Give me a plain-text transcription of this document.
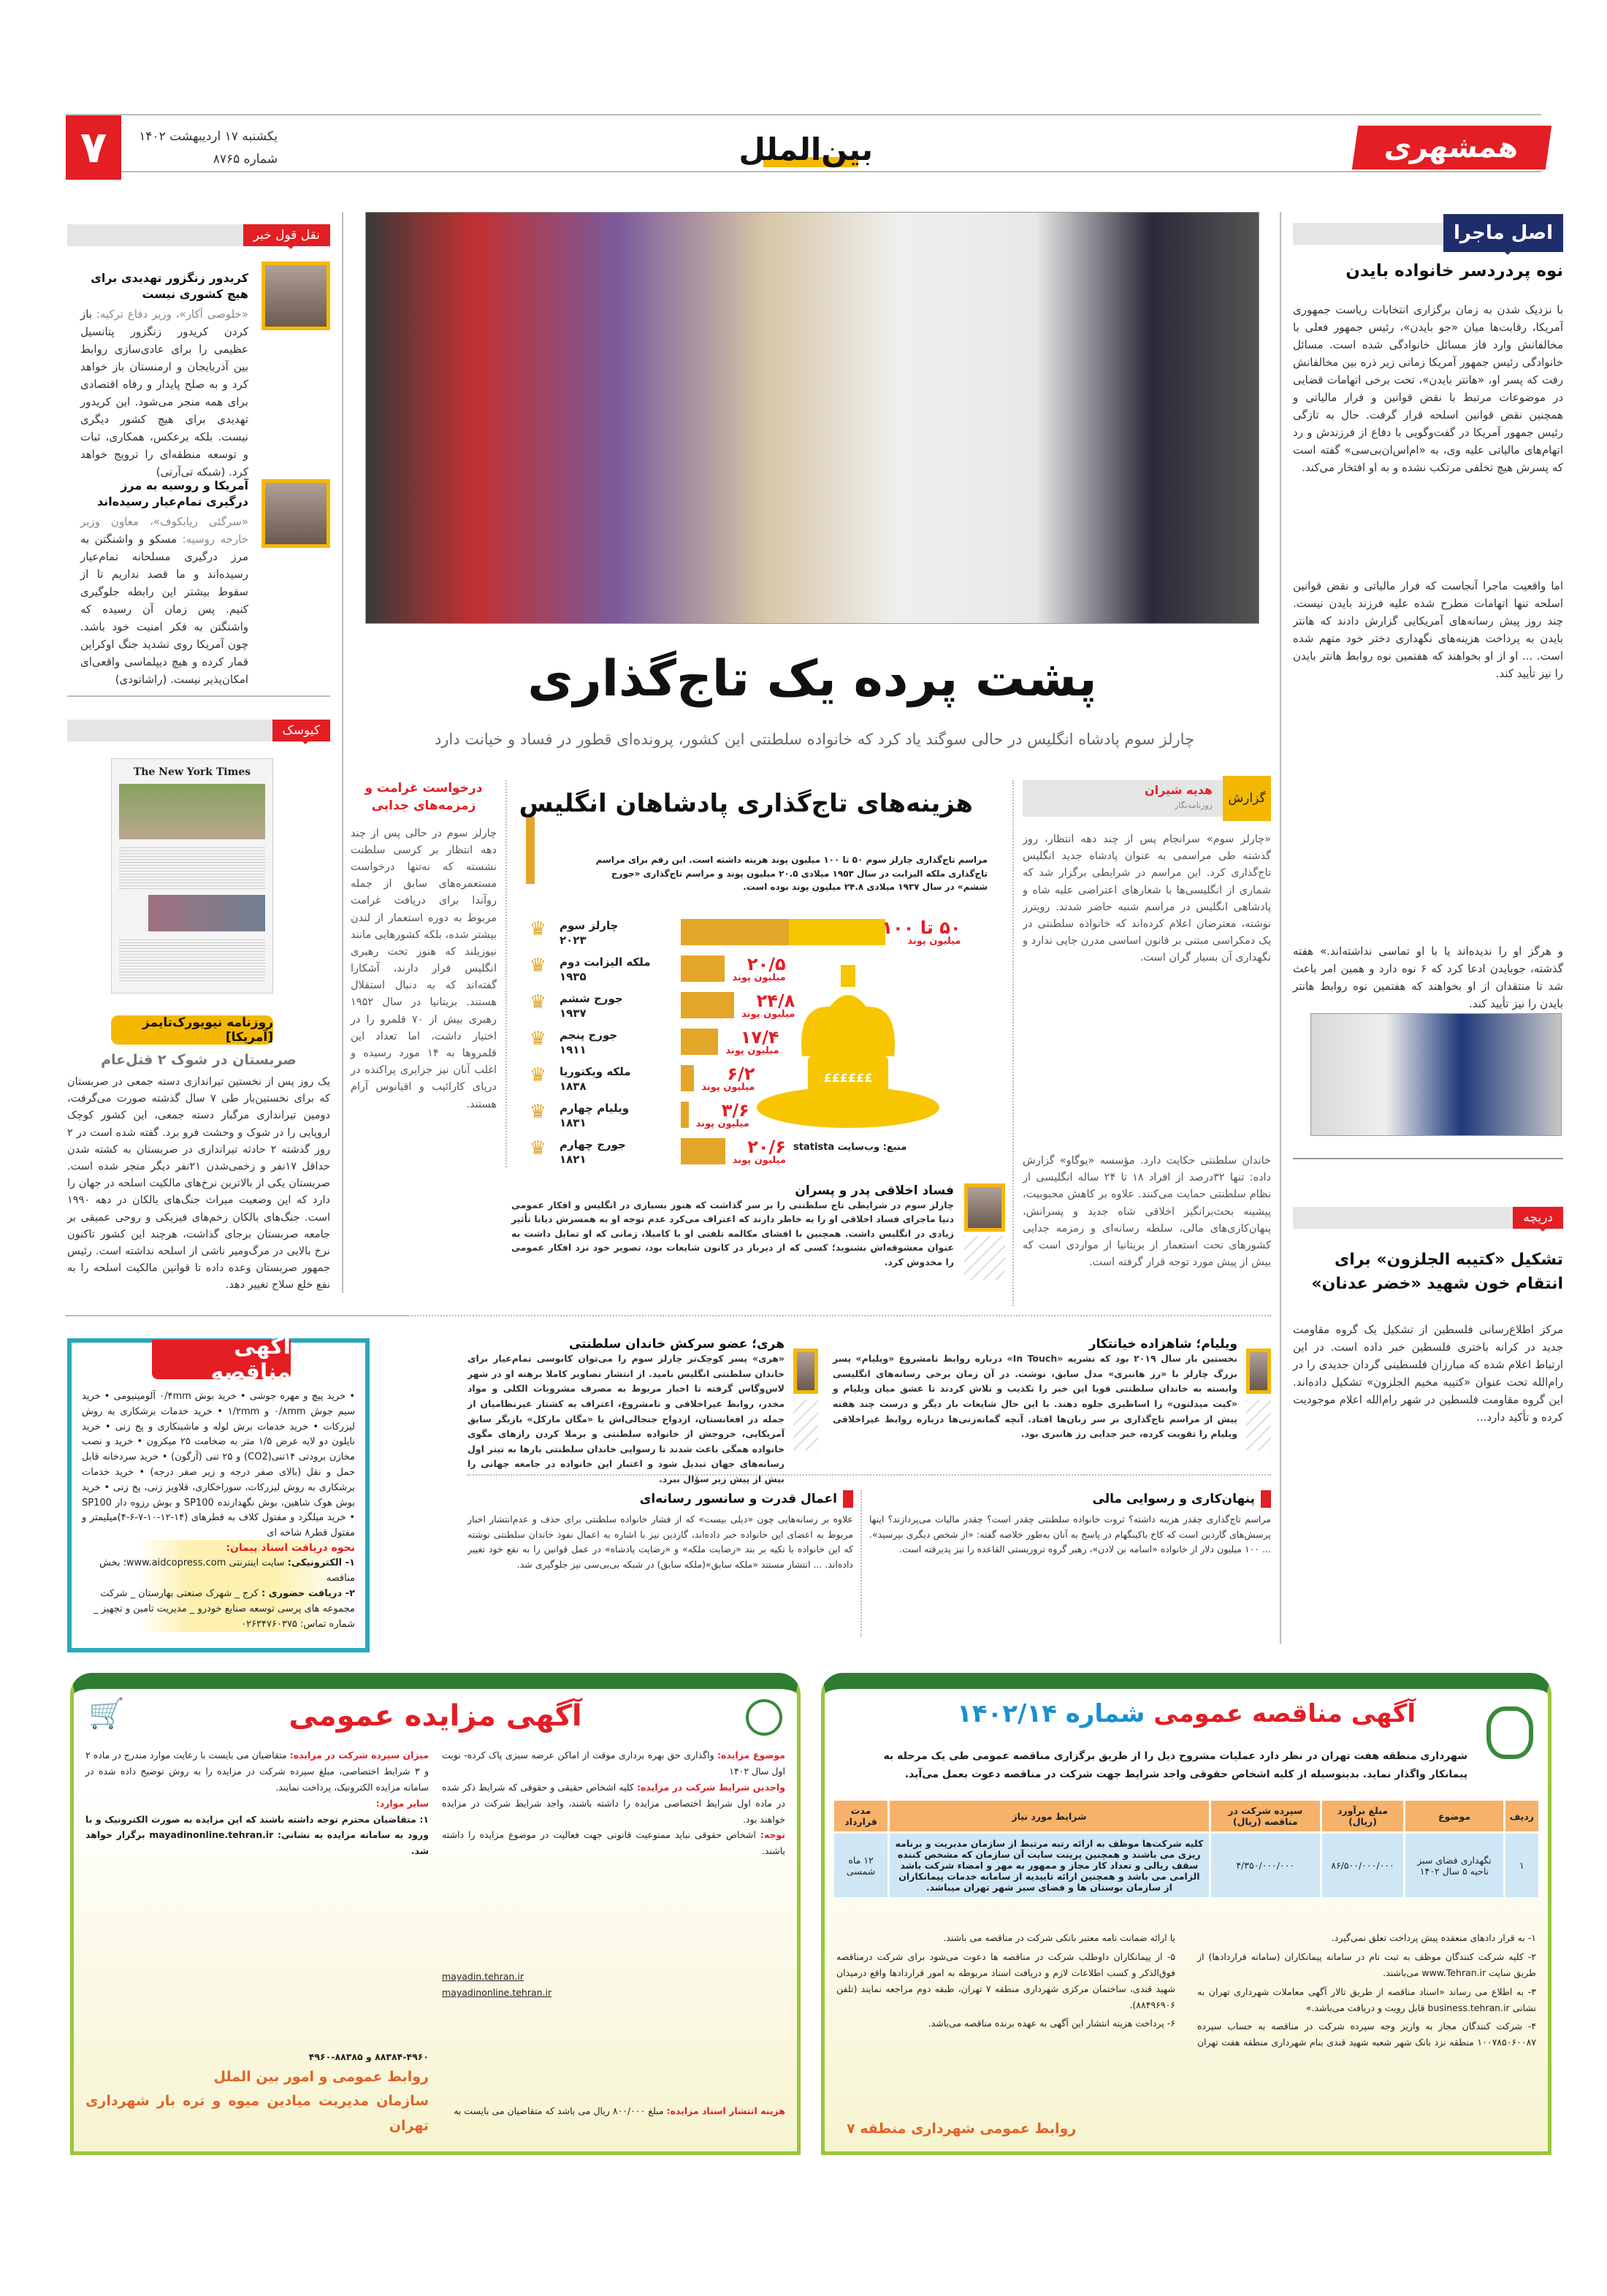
همشهری
بین‌الملل
یکشنبه ۱۷ اردیبهشت ۱۴۰۲
شماره ۸۷۶۵
۷
اصل ماجرا
نوه پردردسر خانواده بایدن

با نزدیک شدن به زمان برگزاری انتخابات ریاست جمهوری آمریکا، رقابت‌ها میان «جو بایدن»، رئیس جمهور فعلی با مخالفانش وارد فاز مسائل خانوادگی شده است. مسائل خانوادگی رئیس جمهور آمریکا زمانی زیر ذره بین مخالفانش رفت که پسر او، «هانتر بایدن»، تحت برخی اتهامات قضایی در موضوعات مرتبط با نقض قوانین و فرار مالیاتی و همچنین نقض قوانین اسلحه قرار گرفت. حال به تازگی رئیس جمهور آمریکا در گفت‌وگویی با دفاع از فرزندش و رد اتهام‌های مالیاتی علیه وی، به «ام‌اس‌ان‌بی‌سی» گفته است که پسرش هیچ تخلفی مرتکب نشده و به او افتخار می‌کند.

اما واقعیت ماجرا آنجاست که فرار مالیاتی و نقض قوانین اسلحه تنها اتهامات مطرح شده علیه فرزند بایدن نیست. چند روز پیش رسانه‌های آمریکایی گزارش دادند که هانتر بایدن به پرداخت هزینه‌های نگهداری دختر خود متهم شده است. ... او از او بخواهند که هفتمین نوه روابط هانتر بایدن را نیز تأیید کند.

و هرگز او را ندیده‌اند یا با او تماسی نداشته‌اند.» هفته گذشته، جوبایدن ادعا کرد که ۶ نوه دارد و همین امر باعث شد تا منتقدان از او بخواهند که هفتمین نوه روابط هانتر بایدن را نیز تأیید کند.

دریچه
تشکیل «کتیبه الجلزون» برای انتقام خون شهید «خضر عدنان»

مرکز اطلاع‌رسانی فلسطین از تشکیل یک گروه مقاومت جدید در کرانه باختری فلسطین خبر داده است. در این ارتباط اعلام شده که مبارزان فلسطینی گردان جدیدی را در رام‌الله تحت عنوان «کتیبه مخیم الجلزون» تشکیل داده‌اند. این گروه مقاومت فلسطین در شهر رام‌الله اعلام موجودیت کرده و تأکید دارد...

نقل قول خبر
کریدور زنگزور تهدیدی برای هیچ کشوری نیست

«خلوصی آکار»، وزیر دفاع ترکیه: باز کردن کریدور زنگزور پتانسیل عظیمی را برای عادی‌سازی روابط بین آذربایجان و ارمنستان باز خواهد کرد و به صلح پایدار و رفاه اقتصادی برای همه منجر می‌شود. این کریدور تهدیدی برای هیچ کشور دیگری نیست. بلکه برعکس، همکاری، ثبات و توسعه منطقه‌ای را ترویج خواهد کرد. (شبکه تی‌آرتی)

آمریکا و روسیه به مرز درگیری تمام‌عیار رسیده‌اند

«سرگئی ریابکوف»، معاون وزیر خارجه روسیه: مسکو و واشنگتن به مرز درگیری مسلحانه تمام‌عیار رسیده‌اند و ما قصد نداریم تا از سقوط بیشتر این رابطه جلوگیری کنیم. پس زمان آن رسیده که واشنگتن به فکر امنیت خود باشد. چون آمریکا روی تشدید جنگ اوکراین قمار کرده و هیچ دیپلماسی واقعی‌ای امکان‌پذیر نیست. (راشاتودی)

کیوسک
The New York Times
روزنامه نیویورک‌تایمز [آمریکا]
صربستان در شوک ۲ قتل‌عام

یک روز پس از نخستین تیراندازی دسته جمعی در صربستان که برای نخستین‌بار طی ۷ سال گذشته صورت می‌گرفت، دومین تیراندازی مرگبار دسته جمعی، این کشور کوچک اروپایی را در شوک و وحشت فرو برد. گفته شده است در ۲ روز گذشته ۲ حادثه تیراندازی در صربستان به کشته شدن حداقل ۱۷نفر و زخمی‌شدن ۲۱نفر دیگر منجر شده است. صربستان یکی از بالاترین نرخ‌های مالکیت اسلحه در جهان را دارد که این وضعیت میراث جنگ‌های بالکان در دهه ۱۹۹۰ است. جنگ‌های بالکان زخم‌های فیزیکی و روحی عمیقی بر جامعه صربستان برجای گذاشت، هرچند این کشور تاکنون نرخ بالایی در مرگ‌ومیر ناشی از اسلحه نداشته است. رئیس جمهور صربستان وعده داده تا قوانین مالکیت اسلحه را به نفع خلع سلاح تغییر دهد.

پشت پرده یک تاج‌گذاری
چارلز سوم پادشاه انگلیس در حالی سوگند یاد کرد که خانواده سلطنتی این کشور، پرونده‌ای قطور در فساد و خیانت دارد
درخواست غرامت و زمزمه‌های جدایی

چارلز سوم در حالی پس از چند دهه انتظار بر کرسی سلطنت نشسته که نه‌تنها درخواست مستعمره‌های سابق از جمله روآندا برای دریافت غرامت مربوط به دوره استعمار از لندن بیشتر شده، بلکه کشورهایی مانند نیوزیلند که هنوز تحت رهبری انگلیس قرار دارند، آشکارا گفته‌اند که به دنبال استقلال هستند. بریتانیا در سال ۱۹۵۲ رهبری بیش از ۷۰ قلمرو را در اختیار داشت، اما تعداد این قلمروها به ۱۴ مورد رسیده و اغلب آنان نیز جزایری پراکنده در دریای کارائیب و اقیانوس آرام هستند.

هزینه‌های تاج‌گذاری پادشاهان انگلیس
مراسم تاج‌گذاری چارلز سوم ۵۰ تا ۱۰۰ میلیون پوند هزینه داشته است. این رقم برای مراسم تاج‌گذاری ملکه الیزابت در سال ۱۹۵۳ میلادی ۲۰.۵ میلیون پوند و مراسم تاج‌گذاری «جورج ششم» در سال ۱۹۳۷ میلادی ۲۴.۸ میلیون پوند بوده است.
♛ چارلز سوم
۲۰۲۳
۵۰ تا ۱۰۰
میلیون پوند
♛ ملکه الیزابت دوم
۱۹۳۵
۲۰/۵
میلیون پوند
♛ جورج ششم
۱۹۳۷
۲۴/۸
میلیون پوند
♛ جورج پنجم
۱۹۱۱
۱۷/۴
میلیون پوند
♛ ملکه ویکتوریا
۱۸۳۸
۶/۲
میلیون پوند
♛ ویلیام چهارم
۱۸۳۱
۳/۶
میلیون پوند
♛ جورج چهارم
۱۸۲۱
۲۰/۶
میلیون پوند
££££££
منبع: وب‌سایت statista
گزارش
هدیه شیران
روزنامه‌نگار

«چارلز سوم» سرانجام پس از چند دهه انتظار، روز گذشته طی مراسمی به عنوان پادشاه جدید انگلیس تاج‌گذاری کرد. این مراسم در شرایطی برگزار شد که شماری از انگلیسی‌ها با شعارهای اعتراضی علیه شاه و پادشاهی انگلیس در مراسم شنبه حاضر شدند. رویترز نوشته، معترضان اعلام کرده‌اند که خانواده سلطنتی در یک دمکراسی مبتنی بر قانون اساسی مدرن جایی ندارد و نگهداری آن بسیار گران است.

خاندان سلطنتی حکایت دارد. مؤسسه «یوگاو» گزارش داده: تنها ۳۲درصد از افراد ۱۸ تا ۲۴ ساله انگلیسی از نظام سلطنتی حمایت می‌کنند. علاوه بر کاهش محبوبیت، پیشینه بحث‌برانگیز اخلاقی شاه جدید و پسرانش، پنهان‌کاری‌های مالی، سلطه رسانه‌ای و زمزمه جدایی کشورهای تحت استعمار از بریتانیا از مواردی است که بیش از پیش مورد توجه قرار گرفته است.

فساد اخلاقی پدر و پسران

چارلز سوم در شرایطی تاج سلطنتی را بر سر گذاشت که هنوز بسیاری در انگلیس و افکار عمومی دنیا ماجرای فساد اخلاقی او را به خاطر دارند که اعتراف می‌کرد عدم توجه او به همسرش دیانا تأثیر زیادی در انگلیس داشت. همچنین با افشای مکالمه تلفنی او با کامیلا، زمانی که او تمایل داشت به عنوان معشوقه‌اش بشنوید؛ کسی که از دیرباز در کانون شایعات بود، تصویر خود نزد افکار عمومی را مخدوش کرد.

ویلیام؛ شاهزاده خیانتکار

نخستین بار سال ۲۰۱۹ بود که نشریه «In Touch» درباره روابط نامشروع «ویلیام» پسر بزرگ چارلز با «رز هانبری» مدل سابق، نوشت. در آن زمان برخی رسانه‌های انگلیسی وابسته به خاندان سلطنتی قویا این خبر را تکذیب و تلاش کردند تا عشق میان ویلیام و «کیت میدلتون» را اساطیری جلوه دهند. با این حال شایعات بار دیگر و درست چند هفته پیش از مراسم تاج‌گذاری بر سر زبان‌ها افتاد. آنچه گمانه‌زنی‌ها درباره روابط غیراخلاقی ویلیام را تقویت کرده، خبر جدایی رز هانبری بود.

هری؛ عضو سرکش خاندان سلطنتی

«هری» پسر کوچک‌تر چارلز سوم را می‌توان کابوسی تمام‌عیار برای خاندان سلطنتی انگلیس نامید. از انتشار تصاویر کاملا برهنه او در شهر لاس‌وگاس گرفته تا اخبار مربوط به مصرف مشروبات الکلی و مواد مخدر، روابط غیراخلاقی و نامشروع، اعتراف به کشتار غیرنظامیان از جمله در افغانستان، ازدواج جنجالی‌اش با «مگان مارکل» بازیگر سابق آمریکایی، خروجش از خانواده سلطنتی و برملا کردن رازهای مگوی خانواده همگی باعث شدند تا رسوایی خاندان سلطنتی بارها به تیتر اول رسانه‌های جهان تبدیل شود و اعتبار این خانواده در جامعه جهانی را بیش از پیش زیر سؤال ببرد.

پنهان‌کاری و رسوایی مالی

مراسم تاج‌گذاری چقدر هزینه داشته؟ ثروت خانواده سلطنتی چقدر است؟ چقدر مالیات می‌پردازند؟ اینها پرسش‌های گاردین است که کاخ باکینگهام در پاسخ به آنان به‌طور خلاصه گفته: «از شخص دیگری بپرسید». ... ۱۰۰ میلیون دلار از خانواده «اسامه بن لادن»، رهبر گروه تروریستی القاعده را نیز پذیرفته است.

اعمال قدرت و سانسور رسانه‌ای

علاوه بر رسانه‌هایی چون «دیلی بیست» که از فشار خانواده سلطنتی برای حذف و عدم‌انتشار اخبار مربوط به اعضای این خانواده خبر داده‌اند، گاردین نیز با اشاره به اعمال نفوذ خاندان سلطنتی نوشته که این خانواده با تکیه بر بند «رضایت ملکه» و «رضایت پادشاه» در عمل قوانین را به نفع خود تغییر داده‌اند. ... انتشار مستند «ملکه سابق»(ملکه سابق) در شبکه بی‌بی‌سی نیز جلوگیری شد.

آگهی مناقصه

• خرید پیچ و مهره جوشی • خرید بوش ۰/۴mm آلومینیومی • خرید سیم جوش ۰/۸mm و ۱/۲mm • خرید خدمات برشکاری به روش لیزرکات • خرید خدمات برش لوله و ماشینکاری و پخ زنی • خرید نایلون دو لایه عرض ۱/۵ متر به ضخامت ۲۵ میکرون • خرید و نصب مخازن برودتی ۱۴تنی(CO2) و ۲۵ تنی (آرگون) • خرید سردخانه قابل حمل و نقل (بالای صفر درجه و زیر صفر درجه) • خرید خدمات برشکاری به روش لیزرکات، سوراخکاری، قلاویز زنی، پخ زنی • خرید بوش هوک شاهین، بوش نگهدارنده SP100 و بوش رزوه دار SP100 • خرید میلگرد و مفتول کلاف به قطرهای (۱۴-۱۲-۱۰-۷-۶-۴)میلیمتر و مفتول قطر۸ شاخه ای

نحوه دریافت اسناد پیمان:
۱- الکترونیکی: سایت اینترنتی www.aidcopress.com؛ بخش مناقصه
۲- دریافت حضوری : کرج _ شهرک صنعتی بهارستان _ شرکت مجموعه های پرسی توسعه صنایع خودرو _ مدیریت تامین و تجهیز _ شماره تماس: ۰۲۶۳۴۷۶۰۳۷۵
🛒	آگهی مزایده عمومی
موضوع مزایده: واگذاری حق بهره برداری موقت از اماکن عرضه سبزی پاک کرده- نوبت اول سال ۱۴۰۲
واجدین شرایط شرکت در مزایده: کلیه اشخاص حقیقی و حقوقی که شرایط ذکر شده در ماده اول شرایط اختصاصی مزایده را داشته باشند، واجد شرایط شرکت در مزایده خواهند بود.
توجه: اشخاص حقوقی نباید ممنوعیت قانونی جهت فعالیت در موضوع مزایده را داشته باشند.
mayadin.tehran.ir
mayadinonline.tehran.ir
هزینه انتشار اسناد مزایده: مبلغ ۸۰۰/۰۰۰ ریال می باشد که متقاضیان می بایست به
میزان سپرده شرکت در مزایده: متقاضیان می بایست با رعایت موارد مندرج در ماده ۲ و ۳ شرایط اختصاصی، مبلغ سپرده شرکت در مزایده را به روش توضیح داده شده در سامانه مزایده الکترونیک، پرداخت نمایند.
سایر موارد:
۱: متقاضیان محترم توجه داشته باشند که این مزایده به صورت الکترونیک و با ورود به سامانه مزایده به نشانی: mayadinonline.tehran.ir برگزار خواهد شد.
۸۸۳۸۴-۴۹۶۰ و ۸۸۳۸۵-۴۹۶۰
روابط عمومی و امور بین الملل
سازمان مدیریت میادین میوه و تره بار شهرداری تهران
آگهی مناقصه عمومی شماره ۱۴۰۲/۱۴

شهرداری منطقه هفت تهران در نظر دارد عملیات مشروح ذیل را از طریق برگزاری مناقصه عمومی طی یک مرحله به پیمانکار واگذار نماید. بدینوسیله از کلیه اشخاص حقوقی واجد شرایط جهت شرکت در مناقصه دعوت بعمل می‌آید.

ردیف	موضوع	مبلغ برآورد (ریال)	سپرده شرکت در مناقصه (ریال)	شرایط مورد نیاز	مدت قرارداد
۱	نگهداری فضای سبز ناحیه ۵ سال ۱۴۰۲	۸۶/۵۰۰/۰۰۰/۰۰۰	۴/۳۵۰/۰۰۰/۰۰۰	کلیه شرکت‌ها موظف به ارائه رتبه مرتبط از سازمان مدیریت و برنامه ریزی می باشند و همچنین پرینت سایت آن سازمان که مشخص کننده سقف ریالی و تعداد کار مجاز و ممهور به مهر و امضاء شرکت باشد الزامی می باشد و همچنین ارائه تاییدیه از سامانه خدمات پیمانکاران از سازمان بوستان ها و فضای سبز شهر تهران میباشد.	۱۲ ماه شمسی
۱- به قرار دادهای منعقده پیش پرداخت تعلق نمی‌گیرد.
۲- کلیه شرکت کنندگان موظف به ثبت نام در سامانه پیمانکاران (سامانه قراردادها) از طریق سایت www.Tehran.ir می‌باشند.
۳- به اطلاع می رساند «اسناد مناقصه از طریق تالار آگهی معاملات شهرداری تهران به نشانی business.tehran.ir قابل رویت و دریافت می‌باشد.»
۴- شرکت کنندگان مجاز به واریز وجه سپرده شرکت در مناقصه به حساب سپرده ۱۰۰۷۸۵۰۶۰۰۸۷ منطقه نزد بانک شهر شعبه شهید قندی بنام شهرداری منطقه هفت تهران یا ارائه ضمانت نامه معتبر بانکی شرکت در مناقصه می باشند.
۵- از پیمانکاران داوطلب شرکت در مناقصه ها دعوت می‌شود برای شرکت درمناقصه فوق‌الذکر و کسب اطلاعات لازم و دریافت اسناد مربوطه به امور قراردادها واقع درمیدان شهید قندی، ساختمان مرکزی شهرداری منطقه ۷ تهران، طبقه دوم مراجعه نمایند (تلفن ۸۸۴۹۶۹۰۶).
۶- پرداخت هزینه انتشار این آگهی به عهده برنده مناقصه می‌باشد.
روابط عمومی شهرداری منطقه ۷
